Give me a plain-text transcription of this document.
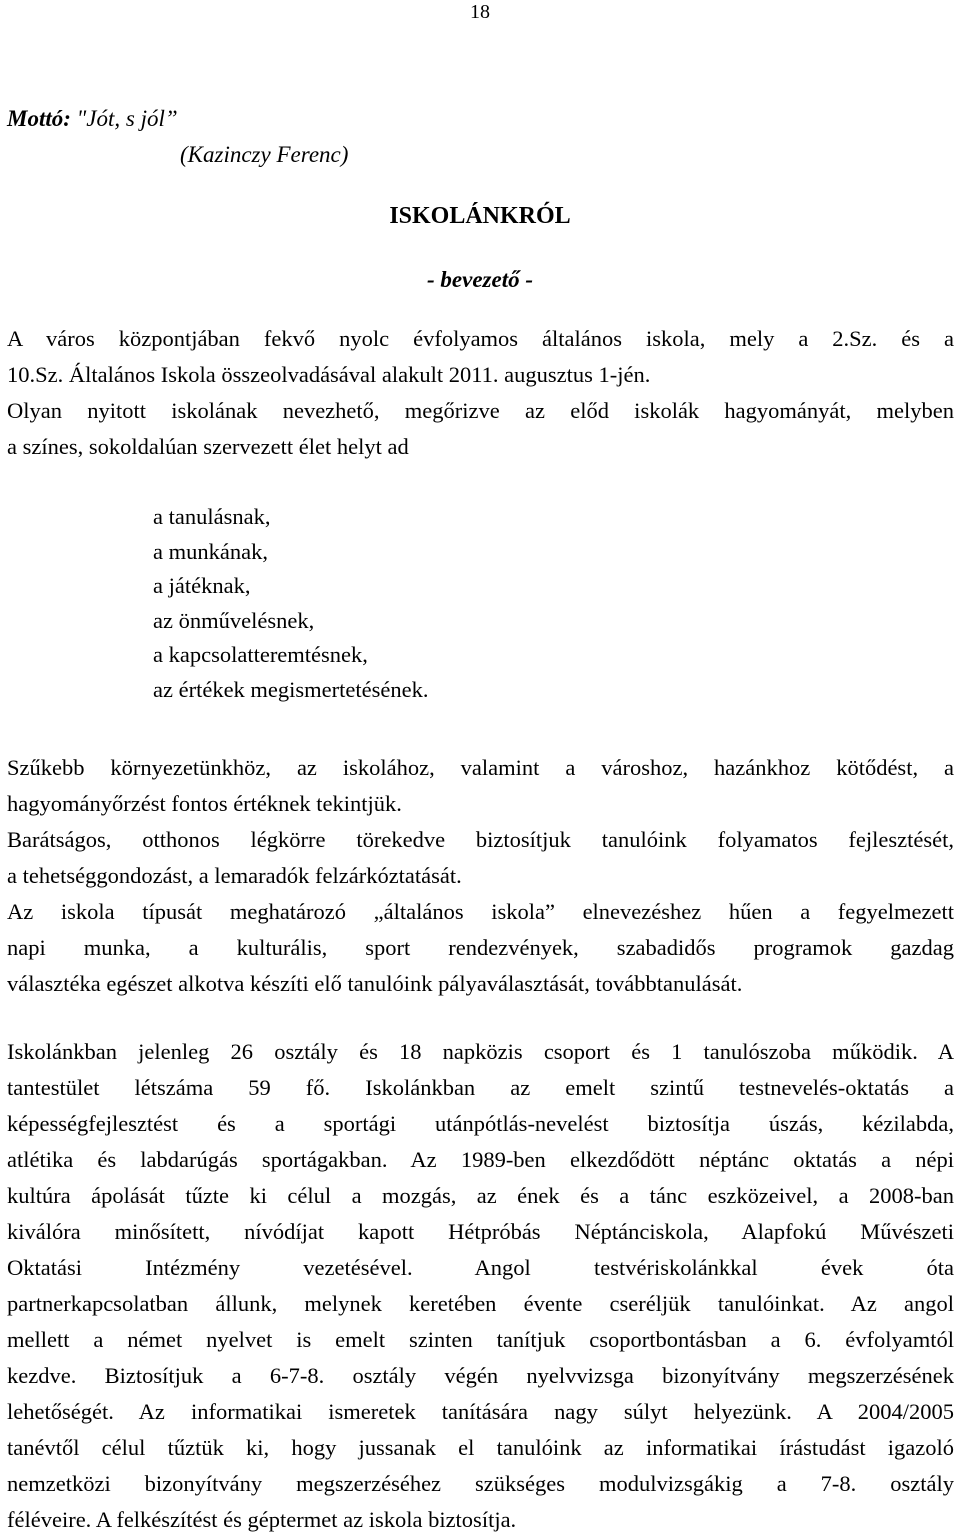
18
Mottó: "Jót, s jól”
(Kazinczy Ferenc)
ISKOLÁNKRÓL
- bevezető -
A város központjában fekvő nyolc évfolyamos általános iskola, mely a 2.Sz. és a
10.Sz. Általános Iskola összeolvadásával alakult 2011. augusztus 1-jén.
Olyan nyitott iskolának nevezhető, megőrizve az előd iskolák hagyományát, melyben
a színes, sokoldalúan szervezett élet helyt ad
a tanulásnak,
a munkának,
a játéknak,
az önművelésnek,
a kapcsolatteremtésnek,
az értékek megismertetésének.
Szűkebb környezetünkhöz, az iskolához, valamint a városhoz, hazánkhoz kötődést, a
hagyományőrzést fontos értéknek tekintjük.
Barátságos, otthonos légkörre törekedve biztosítjuk tanulóink folyamatos fejlesztését,
a tehetséggondozást, a lemaradók felzárkóztatását.
Az iskola típusát meghatározó „általános iskola” elnevezéshez hűen a fegyelmezett
napi munka, a kulturális, sport rendezvények, szabadidős programok gazdag
választéka egészet alkotva készíti elő tanulóink pályaválasztását, továbbtanulását.
Iskolánkban jelenleg 26 osztály és 18 napközis csoport és 1 tanulószoba működik. A
tantestület létszáma 59 fő. Iskolánkban az emelt szintű testnevelés-oktatás a
képességfejlesztést és a sportági utánpótlás-nevelést biztosítja úszás, kézilabda,
atlétika és labdarúgás sportágakban. Az 1989-ben elkezdődött néptánc oktatás a népi
kultúra ápolását tűzte ki célul a mozgás, az ének és a tánc eszközeivel, a 2008-ban
kiválóra minősített, nívódíjat kapott Hétpróbás Néptánciskola, Alapfokú Művészeti
Oktatási Intézmény vezetésével. Angol testvériskolánkkal évek óta
partnerkapcsolatban állunk, melynek keretében évente cseréljük tanulóinkat. Az angol
mellett a német nyelvet is emelt szinten tanítjuk csoportbontásban a 6. évfolyamtól
kezdve. Biztosítjuk a 6-7-8. osztály végén nyelvvizsga bizonyítvány megszerzésének
lehetőségét. Az informatikai ismeretek tanítására nagy súlyt helyezünk. A 2004/2005
tanévtől célul tűztük ki, hogy jussanak el tanulóink az informatikai írástudást igazoló
nemzetközi bizonyítvány megszerzéséhez szükséges modulvizsgákig a 7-8. osztály
féléveire. A felkészítést és géptermet az iskola biztosítja.
